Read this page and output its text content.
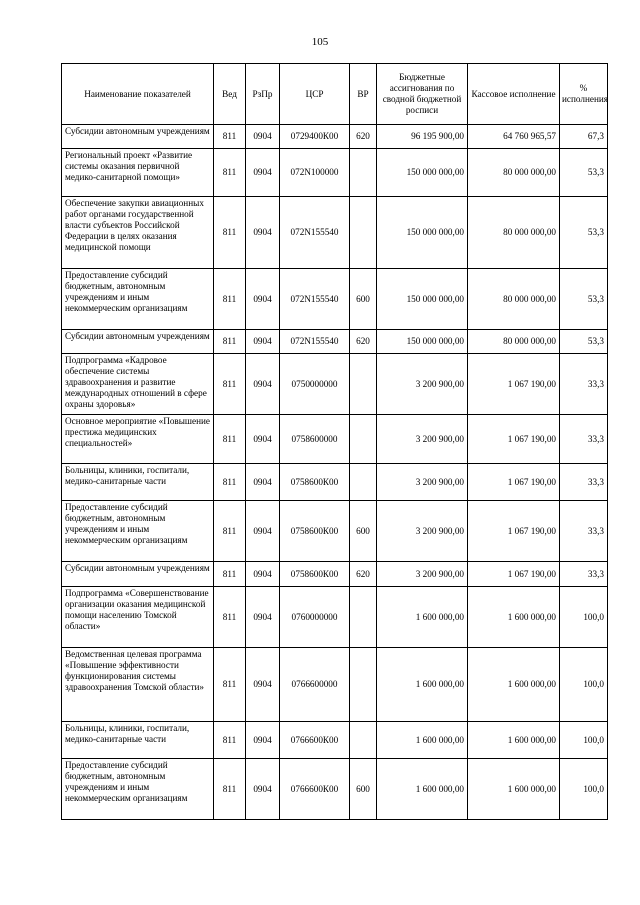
105
Наименование показателей	Вед	РзПр	ЦСР	ВР	Бюджетные ассигнования по сводной бюджетной росписи	Кассовое исполнение	% исполнения
Субсидии автономным учреждениям	811	0904	0729400К00	620	96 195 900,00	64 760 965,57	67,3
Региональный проект «Развитие системы оказания первичной медико-санитарной помощи»	811	0904	072N100000		150 000 000,00	80 000 000,00	53,3
Обеспечение закупки авиационных работ органами государственной власти субъектов Российской Федерации в целях оказания медицинской помощи	811	0904	072N155540		150 000 000,00	80 000 000,00	53,3
Предоставление субсидий бюджетным, автономным учреждениям и иным некоммерческим организациям	811	0904	072N155540	600	150 000 000,00	80 000 000,00	53,3
Субсидии автономным учреждениям	811	0904	072N155540	620	150 000 000,00	80 000 000,00	53,3
Подпрограмма «Кадровое обеспечение системы здравоохранения и развитие международных отношений в сфере охраны здоровья»	811	0904	0750000000		3 200 900,00	1 067 190,00	33,3
Основное мероприятие «Повышение престижа медицинских специальностей»	811	0904	0758600000		3 200 900,00	1 067 190,00	33,3
Больницы, клиники, госпитали, медико-санитарные части	811	0904	0758600К00		3 200 900,00	1 067 190,00	33,3
Предоставление субсидий бюджетным, автономным учреждениям и иным некоммерческим организациям	811	0904	0758600К00	600	3 200 900,00	1 067 190,00	33,3
Субсидии автономным учреждениям	811	0904	0758600К00	620	3 200 900,00	1 067 190,00	33,3
Подпрограмма «Совершенствование организации оказания медицинской помощи населению Томской области»	811	0904	0760000000		1 600 000,00	1 600 000,00	100,0
Ведомственная целевая программа «Повышение эффективности функционирования системы здравоохранения Томской области»	811	0904	0766600000		1 600 000,00	1 600 000,00	100,0
Больницы, клиники, госпитали, медико-санитарные части	811	0904	0766600К00		1 600 000,00	1 600 000,00	100,0
Предоставление субсидий бюджетным, автономным учреждениям и иным некоммерческим организациям	811	0904	0766600К00	600	1 600 000,00	1 600 000,00	100,0
